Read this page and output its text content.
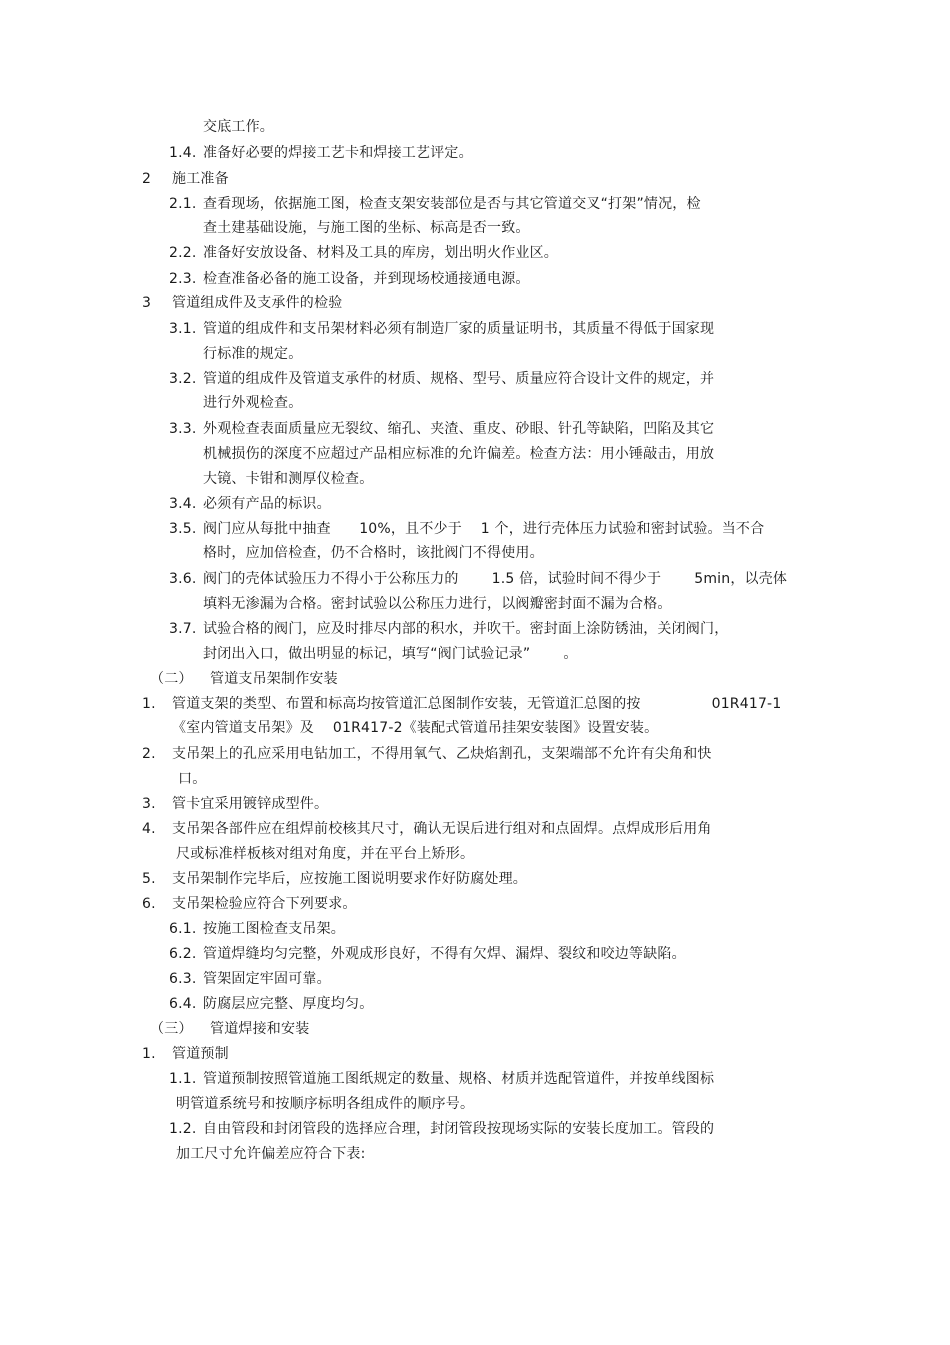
交底工作。
1.4. 准备好必要的焊接工艺卡和焊接工艺评定。
2 施工准备
2.1. 查看现场，依据施工图，检查支架安装部位是否与其它管道交叉“打架”情况，检
查土建基础设施，与施工图的坐标、标高是否一致。
2.2. 准备好安放设备、材料及工具的库房，划出明火作业区。
2.3. 检查准备必备的施工设备，并到现场校通接通电源。
3 管道组成件及支承件的检验
3.1. 管道的组成件和支吊架材料必须有制造厂家的质量证明书，其质量不得低于国家现
行标准的规定。
3.2. 管道的组成件及管道支承件的材质、规格、型号、质量应符合设计文件的规定，并
进行外观检查。
3.3. 外观检查表面质量应无裂纹、缩孔、夹渣、重皮、砂眼、针孔等缺陷，凹陷及其它
机械损伤的深度不应超过产品相应标准的允许偏差。检查方法：用小锤敲击，用放
大镜、卡钳和测厚仪检查。
3.4. 必须有产品的标识。
3.5. 阀门应从每批中抽查　　10%，且不少于　 1 个，进行壳体压力试验和密封试验。当不合
格时，应加倍检查，仍不合格时，该批阀门不得使用。
3.6. 阀门的壳体试验压力不得小于公称压力的　　 1.5 倍，试验时间不得少于　　 5min，以壳体
填料无渗漏为合格。密封试验以公称压力进行，以阀瓣密封面不漏为合格。
3.7. 试验合格的阀门，应及时排尽内部的积水，并吹干。密封面上涂防锈油，关闭阀门，
封闭出入口，做出明显的标记，填写“阀门试验记录”　　 。
（二） 管道支吊架制作安装
1. 管道支架的类型、布置和标高均按管道汇总图制作安装，无管道汇总图的按　　　　　01R417-1
《室内管道支吊架》及　 01R417-2《装配式管道吊挂架安装图》设置安装。
2. 支吊架上的孔应采用电钻加工，不得用氧气、乙炔焰割孔，支架端部不允许有尖角和快
口。
3. 管卡宜采用镀锌成型件。
4. 支吊架各部件应在组焊前校核其尺寸，确认无误后进行组对和点固焊。点焊成形后用角
尺或标准样板核对组对角度，并在平台上矫形。
5. 支吊架制作完毕后，应按施工图说明要求作好防腐处理。
6. 支吊架检验应符合下列要求。
6.1. 按施工图检查支吊架。
6.2. 管道焊缝均匀完整，外观成形良好，不得有欠焊、漏焊、裂纹和咬边等缺陷。
6.3. 管架固定牢固可靠。
6.4. 防腐层应完整、厚度均匀。
（三） 管道焊接和安装
1. 管道预制
1.1. 管道预制按照管道施工图纸规定的数量、规格、材质并选配管道件，并按单线图标
明管道系统号和按顺序标明各组成件的顺序号。
1.2. 自由管段和封闭管段的选择应合理，封闭管段按现场实际的安装长度加工。管段的
加工尺寸允许偏差应符合下表:
